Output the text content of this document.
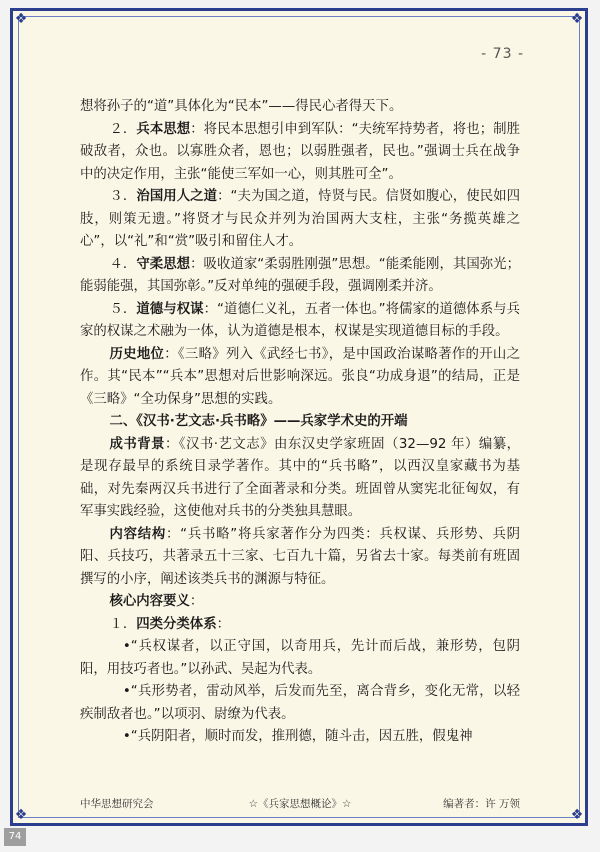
❖	❖
❖	❖
- 73 -

想将孙子的“道”具体化为“民本”——得民心者得天下。

２．兵本思想：将民本思想引申到军队：“夫统军持势者，将也；制胜破敌者，众也。以寡胜众者，恩也；以弱胜强者，民也。”强调士兵在战争中的决定作用，主张“能使三军如一心，则其胜可全”。

３．治国用人之道：“夫为国之道，恃贤与民。信贤如腹心，使民如四肢，则策无遗。”将贤才与民众并列为治国两大支柱，主张“务揽英雄之心”，以“礼”和“赏”吸引和留住人才。

４．守柔思想：吸收道家“柔弱胜刚强”思想。“能柔能刚，其国弥光；能弱能强，其国弥彰。”反对单纯的强硬手段，强调刚柔并济。

５．道德与权谋：“道德仁义礼，五者一体也。”将儒家的道德体系与兵家的权谋之术融为一体，认为道德是根本，权谋是实现道德目标的手段。

历史地位：《三略》列入《武经七书》，是中国政治谋略著作的开山之作。其“民本”“兵本”思想对后世影响深远。张良“功成身退”的结局，正是《三略》“全功保身”思想的实践。

二、《汉书·艺文志·兵书略》——兵家学术史的开端

成书背景：《汉书·艺文志》由东汉史学家班固（32—92 年）编纂，是现存最早的系统目录学著作。其中的“兵书略”，以西汉皇家藏书为基础，对先秦两汉兵书进行了全面著录和分类。班固曾从窦宪北征匈奴，有军事实践经验，这使他对兵书的分类独具慧眼。

内容结构：“兵书略”将兵家著作分为四类：兵权谋、兵形势、兵阴阳、兵技巧，共著录五十三家、七百九十篇，另省去十家。每类前有班固撰写的小序，阐述该类兵书的渊源与特征。

核心内容要义：

１．四类分类体系：

•“兵权谋者，以正守国，以奇用兵，先计而后战，兼形势，包阴阳，用技巧者也。”以孙武、吴起为代表。

•“兵形势者，雷动风举，后发而先至，离合背乡，变化无常，以轻疾制敌者也。”以项羽、尉缭为代表。

•“兵阴阳者，顺时而发，推刑德，随斗击，因五胜，假鬼神

中华思想研究会	☆《兵家思想概论》☆	编著者：许 万领
74
